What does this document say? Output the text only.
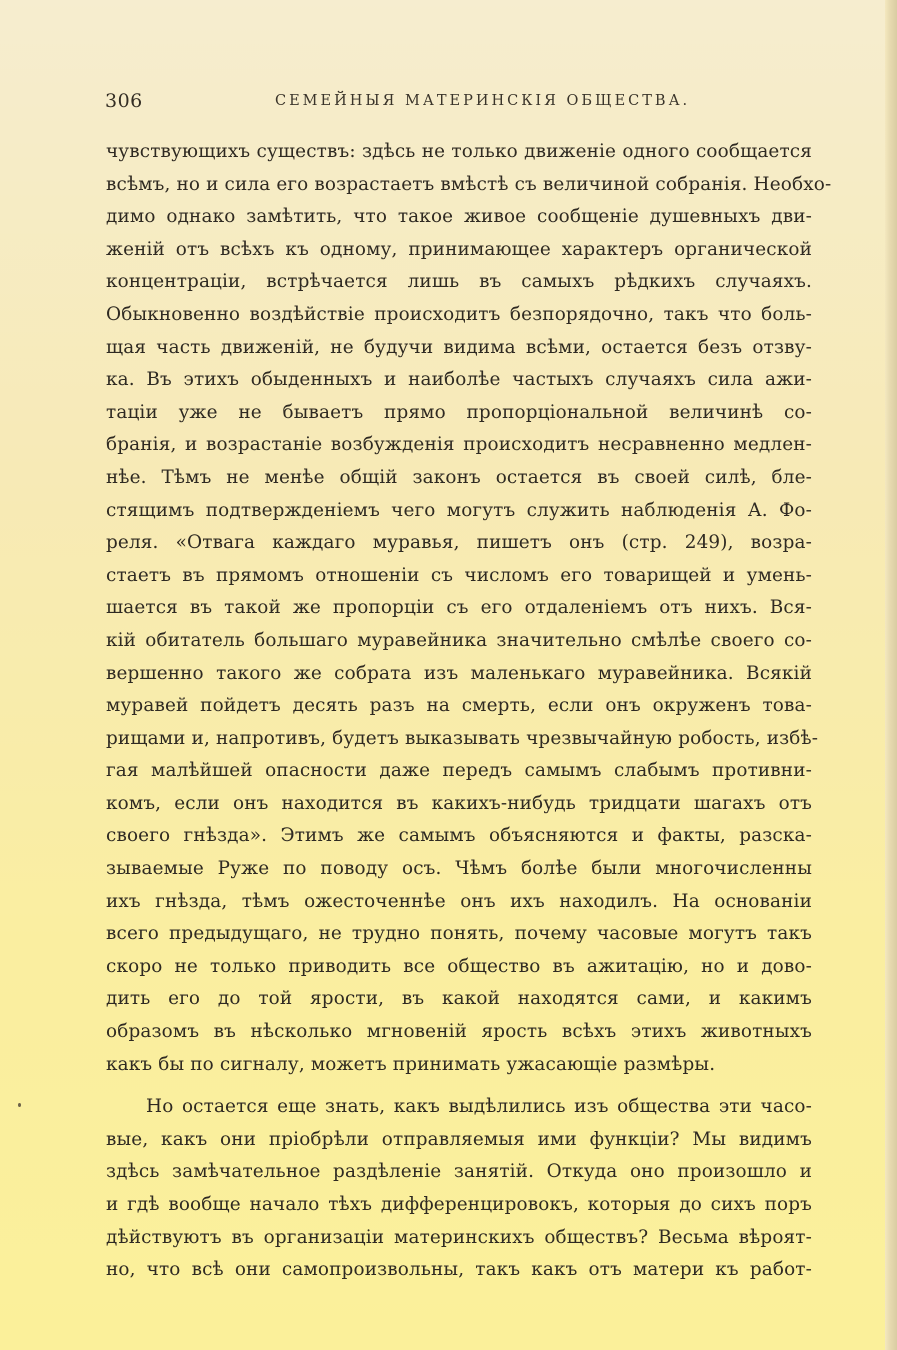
306	СЕМЕЙНЫЯ МАТЕРИНСКІЯ ОБЩЕСТВА.
чувствующихъ существъ: здѣсь не только движеніе одного сообщается
всѣмъ, но и сила его возрастаетъ вмѣстѣ съ величиной собранія. Необхо-
димо однако замѣтить, что такое живое сообщеніе душевныхъ дви-
женій отъ всѣхъ къ одному, принимающее характеръ органической
концентраціи, встрѣчается лишь въ самыхъ рѣдкихъ случаяхъ.
Обыкновенно воздѣйствіе происходитъ безпорядочно, такъ что боль-
щая часть движеній, не будучи видима всѣми, остается безъ отзву-
ка. Въ этихъ обыденныхъ и наиболѣе частыхъ случаяхъ сила ажи-
таціи уже не бываетъ прямо пропорціональной величинѣ со-
бранія, и возрастаніе возбужденія происходитъ несравненно медлен-
нѣе. Тѣмъ не менѣе общій законъ остается въ своей силѣ, бле-
стящимъ подтвержденіемъ чего могутъ служить наблюденія А. Фо-
реля. «Отвага каждаго муравья, пишетъ онъ (стр. 249), возра-
стаетъ въ прямомъ отношеніи съ числомъ его товарищей и умень-
шается въ такой же пропорціи съ его отдаленіемъ отъ нихъ. Вся-
кій обитатель большаго муравейника значительно смѣлѣе своего со-
вершенно такого же собрата изъ маленькаго муравейника. Всякій
муравей пойдетъ десять разъ на смерть, если онъ окруженъ това-
рищами и, напротивъ, будетъ выказывать чрезвычайную робость, избѣ-
гая малѣйшей опасности даже передъ самымъ слабымъ противни-
комъ, если онъ находится въ какихъ-нибудь тридцати шагахъ отъ
своего гнѣзда». Этимъ же самымъ объясняются и факты, разска-
зываемые Руже по поводу осъ. Чѣмъ болѣе были многочисленны
ихъ гнѣзда, тѣмъ ожесточеннѣе онъ ихъ находилъ. На основаніи
всего предыдущаго, не трудно понять, почему часовые могутъ такъ
скоро не только приводить все общество въ ажитацію, но и дово-
дить его до той ярости, въ какой находятся сами, и какимъ
образомъ въ нѣсколько мгновеній ярость всѣхъ этихъ животныхъ
какъ бы по сигналу, можетъ принимать ужасающіе размѣры.
Но остается еще знать, какъ выдѣлились изъ общества эти часо-
вые, какъ они пріобрѣли отправляемыя ими функціи? Мы видимъ
здѣсь замѣчательное раздѣленіе занятій. Откуда оно произошло и
и гдѣ вообще начало тѣхъ дифференцировокъ, которыя до сихъ поръ
дѣйствуютъ въ организаціи материнскихъ обществъ? Весьма вѣроят-
но, что всѣ они самопроизвольны, такъ какъ отъ матери къ работ-
